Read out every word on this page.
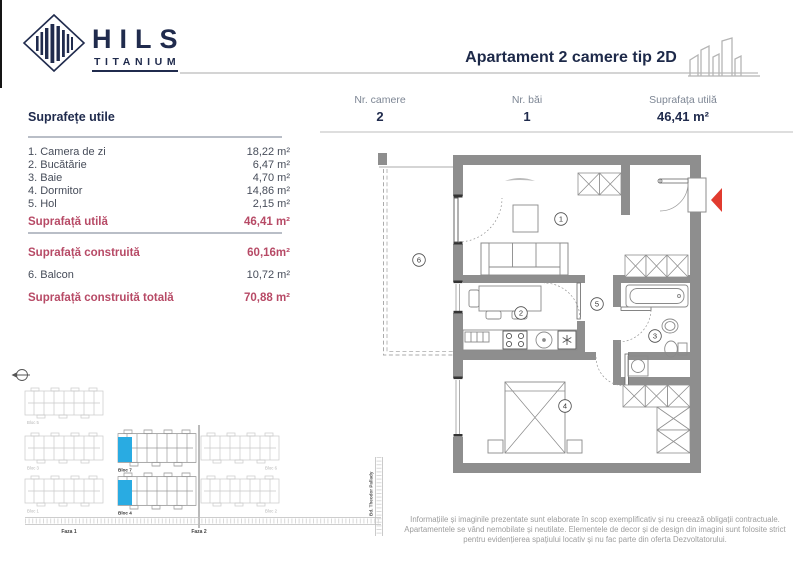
HILS
TITANIUM	Apartament 2 camere tip 2D
Nr. camere
2
Nr. băi
1
Suprafața utilă
46,41 m²
Suprafețe utile
1. Camera de zi	18,22 m²
2. Bucătărie	6,47 m²
3. Baie	4,70 m²
4. Dormitor	14,86 m²
5. Hol	2,15 m²
Suprafață utilă	46,41 m²
Suprafață construită	60,16m²
6. Balcon	10,72 m²
Suprafață construită totală	70,88 m²
1
2
3
4
5
6
Bloc 5
Bloc 3	Bloc 6
Bloc 1	Bloc 2
Bloc 7
Bloc 4
Faza 1	Faza 2
Bd. Theodor Pallady
Informațiile și imaginile prezentate sunt elaborate în scop exemplificativ și nu creează obligații contractuale.
Apartamentele se vând nemobilate și neutilate. Elementele de decor și de design din imagini sunt folosite strict
pentru evidențierea spațiului locativ și nu fac parte din oferta Dezvoltatorului.
